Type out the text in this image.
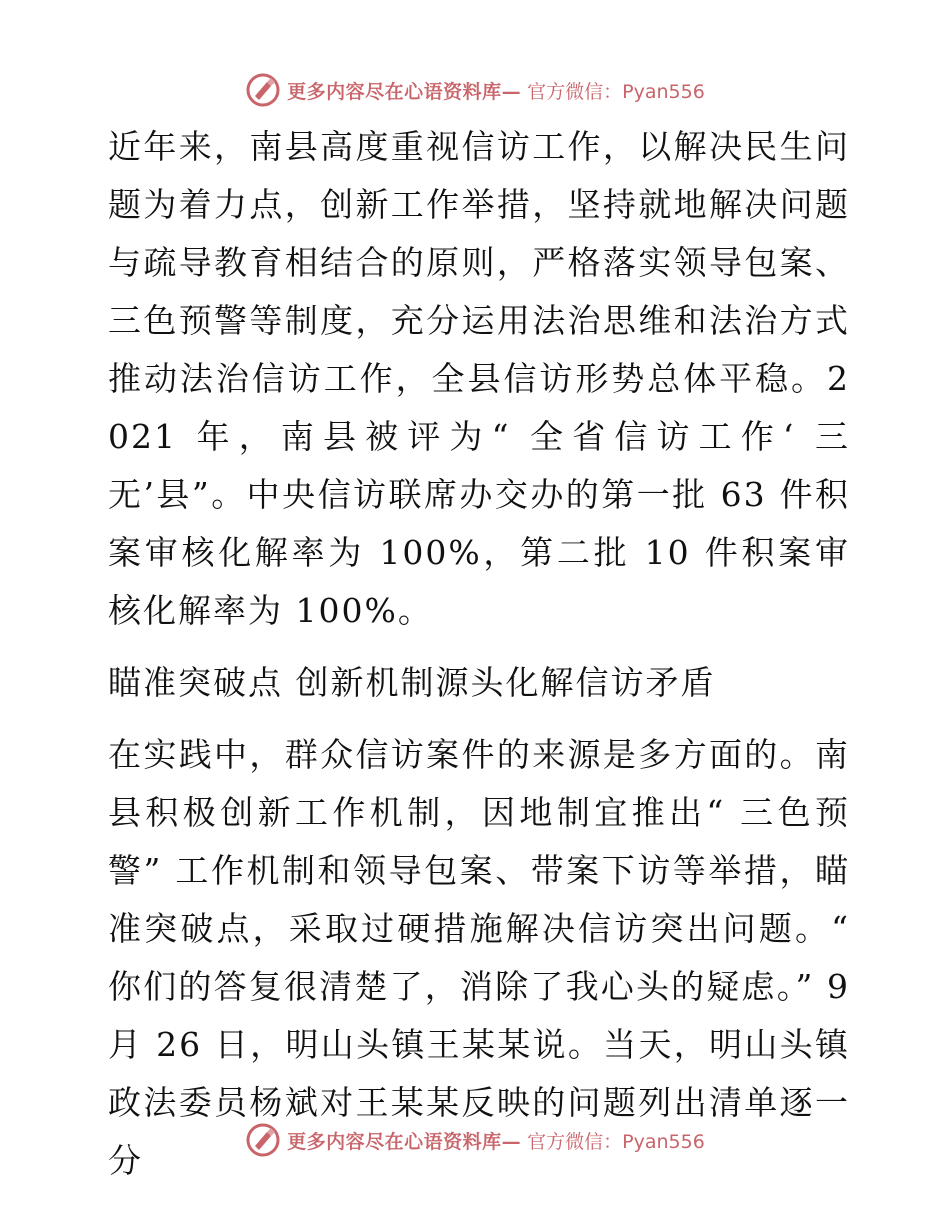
更多内容尽在心语资料库— 官方微信：Pyan556

近年来，南县高度重视信访工作，以解决民生问题为着力点，创新工作举措，坚持就地解决问题与疏导教育相结合的原则，严格落实领导包案、三色预警等制度，充分运用法治思维和法治方式推动法治信访工作，全县信访形势总体平稳。2021 年，南县被评为“ 全省信访工作‘ 三无’县”。中央信访联席办交办的第一批 63 件积案审核化解率为 100%，第二批 10 件积案审核化解率为 100%。

瞄准突破点 创新机制源头化解信访矛盾

在实践中，群众信访案件的来源是多方面的。南县积极创新工作机制，因地制宜推出“ 三色预警” 工作机制和领导包案、带案下访等举措，瞄准突破点，采取过硬措施解决信访突出问题。“ 你们的答复很清楚了，消除了我心头的疑虑。” 9 月 26 日，明山头镇王某某说。当天，明山头镇政法委员杨斌对王某某反映的问题列出清单逐一分	更多内容尽在心语资料库— 官方微信：Pyan556
